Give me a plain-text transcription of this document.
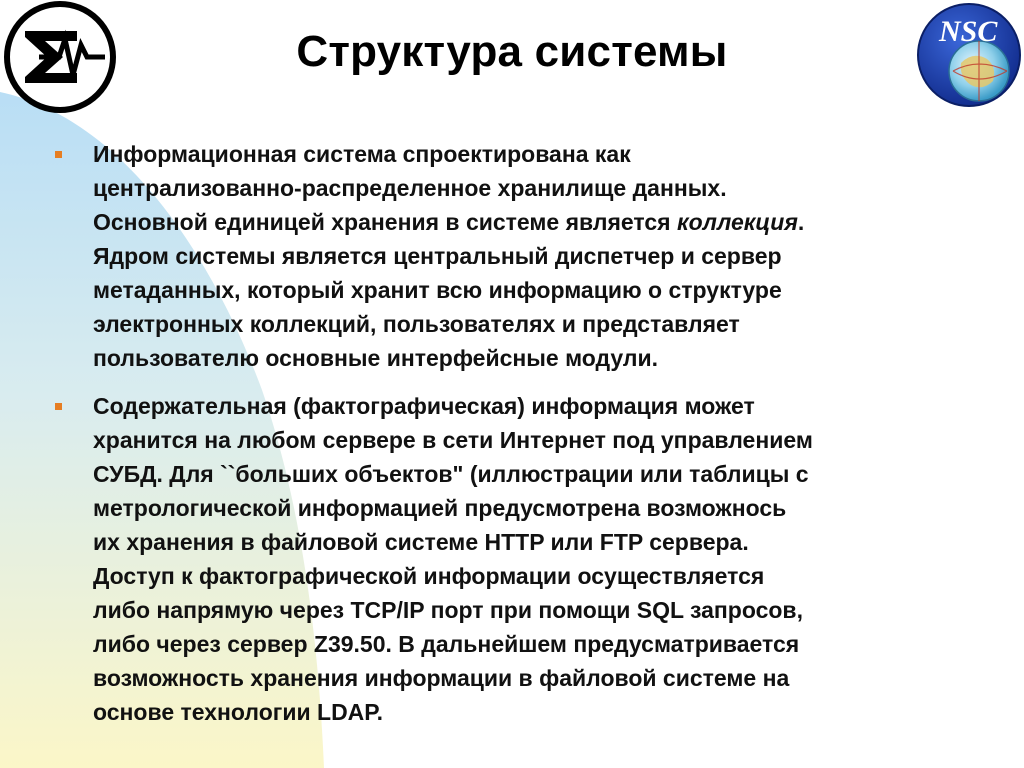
NSC
Структура системы
Информационная система спроектирована как
централизованно-распределенное хранилище данных.
Основной единицей хранения в системе является коллекция.
Ядром системы является центральный диспетчер и сервер
метаданных, который хранит всю информацию о структуре
электронных коллекций, пользователях и представляет
пользователю основные интерфейсные модули.
Содержательная (фактографическая) информация может
хранится на любом сервере в сети Интернет под управлением
СУБД. Для ``больших объектов" (иллюстрации или таблицы с
метрологической информацией предусмотрена возможнось
их хранения в файловой системе HTTP или FTP сервера.
Доступ к фактографической информации осуществляется
либо напрямую через TCP/IP порт при помощи SQL запросов,
либо через сервер Z39.50. В дальнейшем предусматривается
возможность хранения информации в файловой системе на
основе технологии LDAP.
